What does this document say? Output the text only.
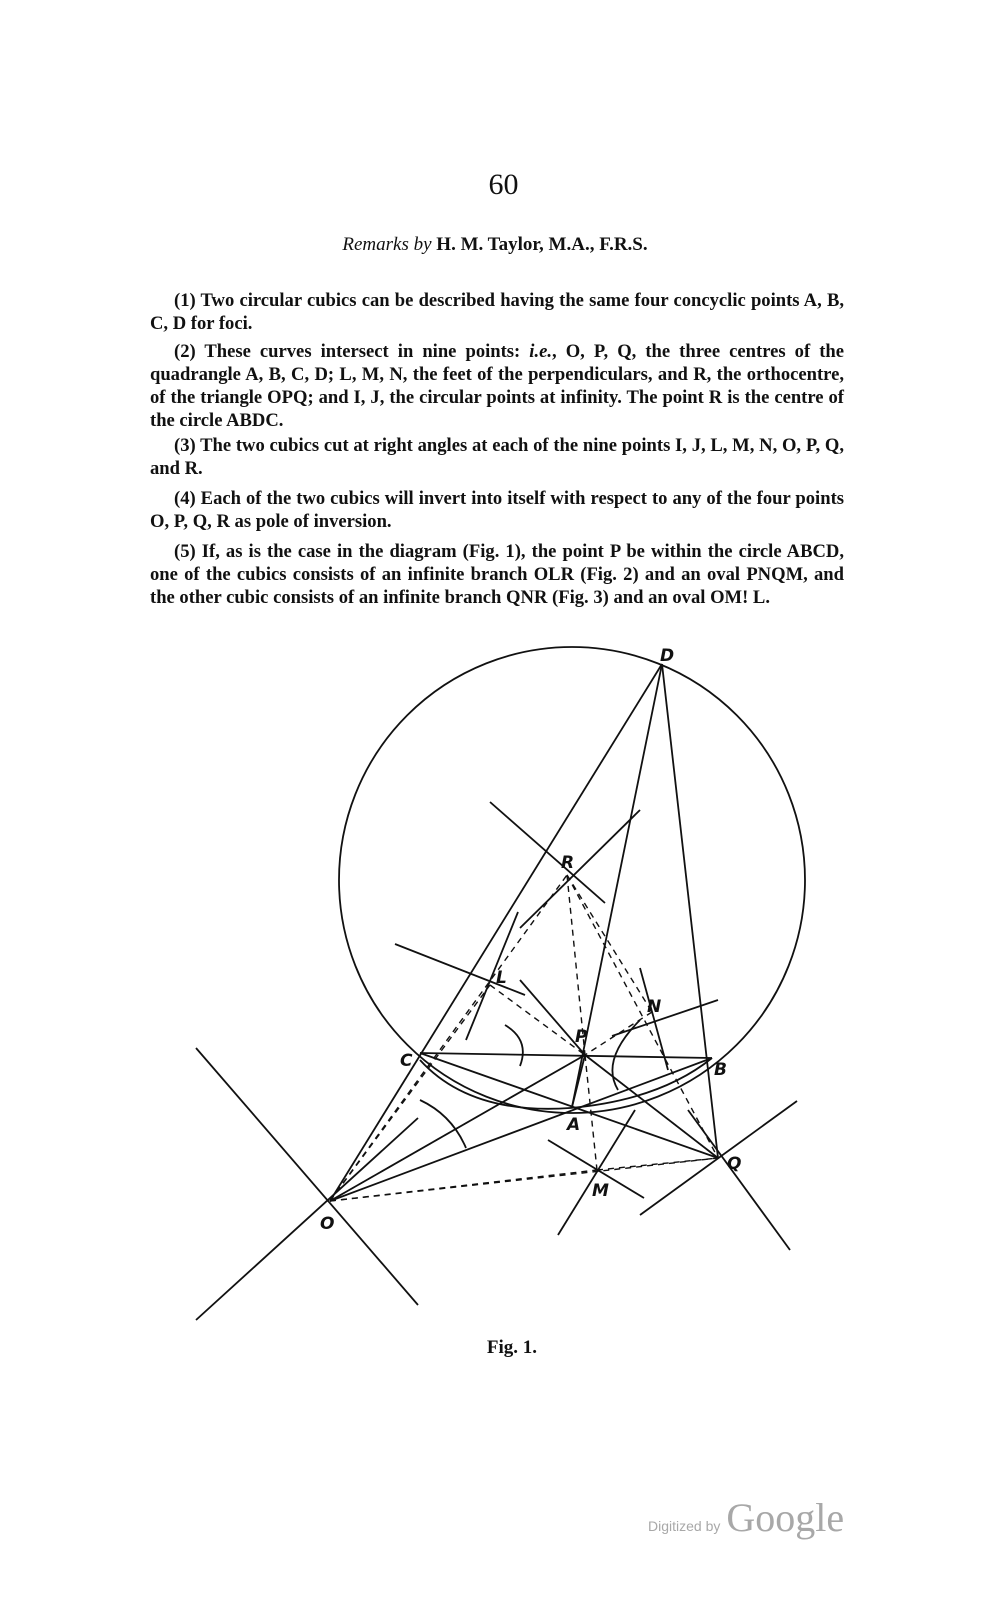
60
Remarks by H. M. Taylor, M.A., F.R.S.

(1) Two circular cubics can be described having the same four concyclic points A, B, C, D for foci.

(2) These curves intersect in nine points: i.e., O, P, Q, the three centres of the quadrangle A, B, C, D; L, M, N, the feet of the perpendiculars, and R, the orthocentre, of the triangle OPQ; and I, J, the circular points at infinity. The point R is the centre of the circle ABDC.

(3) The two cubics cut at right angles at each of the nine points I, J, L, M, N, O, P, Q, and R.

(4) Each of the two cubics will invert into itself with respect to any of the four points O, P, Q, R as pole of inversion.

(5) If, as is the case in the diagram (Fig. 1), the point P be within the circle ABCD, one of the cubics consists of an infinite branch OLR (Fig. 2) and an oval PNQM, and the other cubic consists of an infinite branch QNR (Fig. 3) and an oval OM! L.

D
R
L
N
P
C	B
A
Q
M
O
Fig. 1.
Digitized by Google
